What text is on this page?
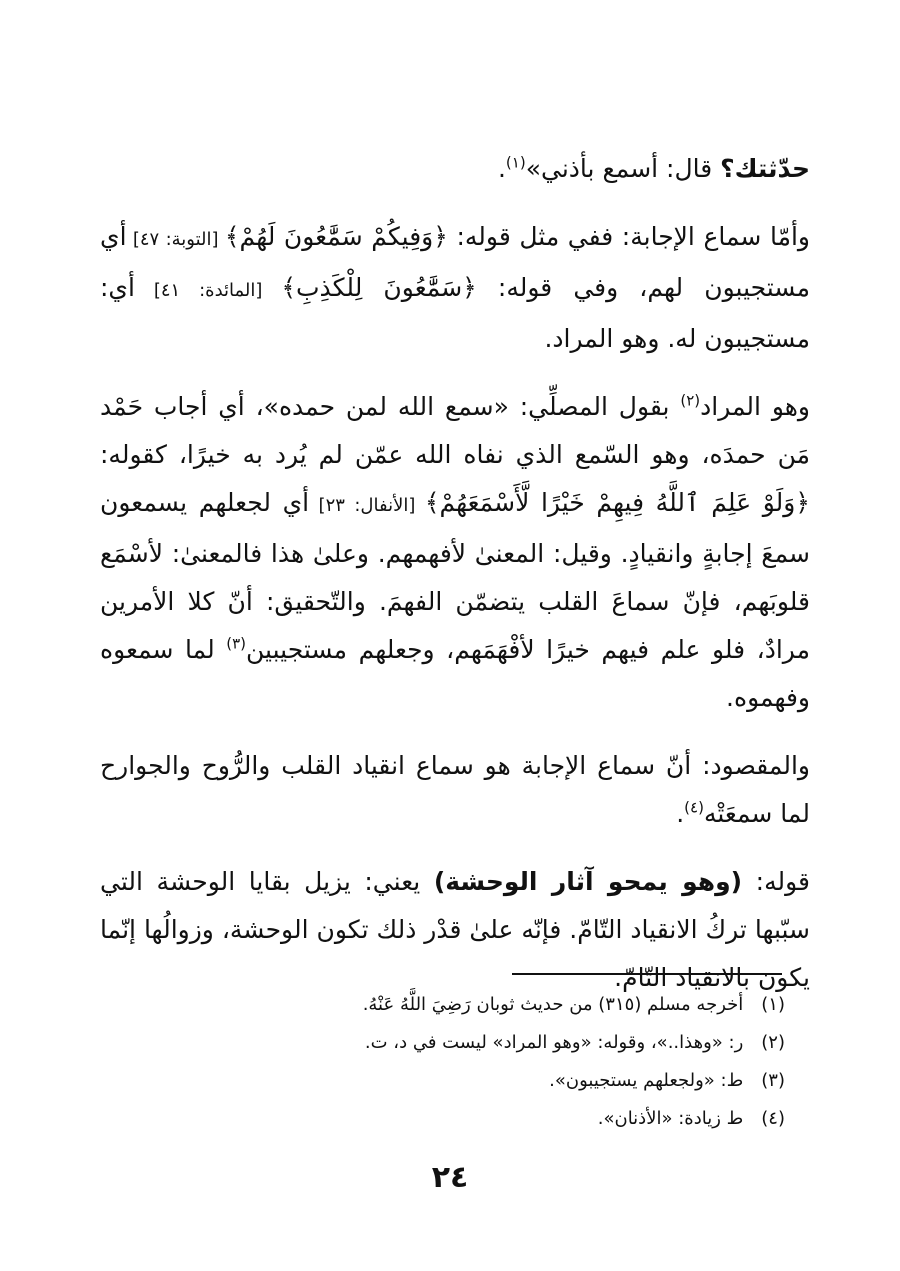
حدّثتك؟ قال: أسمع بأذني»$^{(١)}$.

وأمّا سماع الإجابة: ففي مثل قوله: ﴿وَفِيكُمْ سَمَّٰعُونَ لَهُمْ﴾ [التوبة: ٤٧] أي مستجيبون لهم، وفي قوله: ﴿سَمَّٰعُونَ لِلْكَذِبِ﴾ [المائدة: ٤١] أي: مستجيبون له. وهو المراد.

وهو المراد$^{(٢)}$ بقول المصلِّي: «سمع الله لمن حمده»، أي أجاب حَمْد مَن حمدَه، وهو السّمع الذي نفاه الله عمّن لم يُرد به خيرًا، كقوله: ﴿وَلَوْ عَلِمَ ٱللَّهُ فِيهِمْ خَيْرًا لَّأَسْمَعَهُمْ﴾ [الأنفال: ٢٣] أي لجعلهم يسمعون سمعَ إجابةٍ وانقيادٍ. وقيل: المعنىٰ لأفهمهم. وعلىٰ هذا فالمعنىٰ: لأسْمَع قلوبَهم، فإنّ سماعَ القلب يتضمّن الفهمَ. والتّحقيق: أنّ كلا الأمرين مرادٌ، فلو علم فيهم خيرًا لأفْهَمَهم، وجعلهم مستجيبين$^{(٣)}$ لما سمعوه وفهموه.

والمقصود: أنّ سماع الإجابة هو سماع انقياد القلب والرُّوح والجوارح لما سمعَتْه$^{(٤)}$.

قوله: (وهو يمحو آثار الوحشة) يعني: يزيل بقايا الوحشة التي سبّبها تركُ الانقياد التّامّ. فإنّه علىٰ قدْر ذلك تكون الوحشة، وزوالُها إنّما يكون بالانقياد التّامّ.

(١) أخرجه مسلم (٣١٥) من حديث ثوبان رَضِيَ اللَّهُ عَنْهُ.

(٢) ر: «وهذا..»، وقوله: «وهو المراد» ليست في د، ت.

(٣) ط: «ولجعلهم يستجيبون».

(٤) ط زيادة: «الأذنان».

٢٤
